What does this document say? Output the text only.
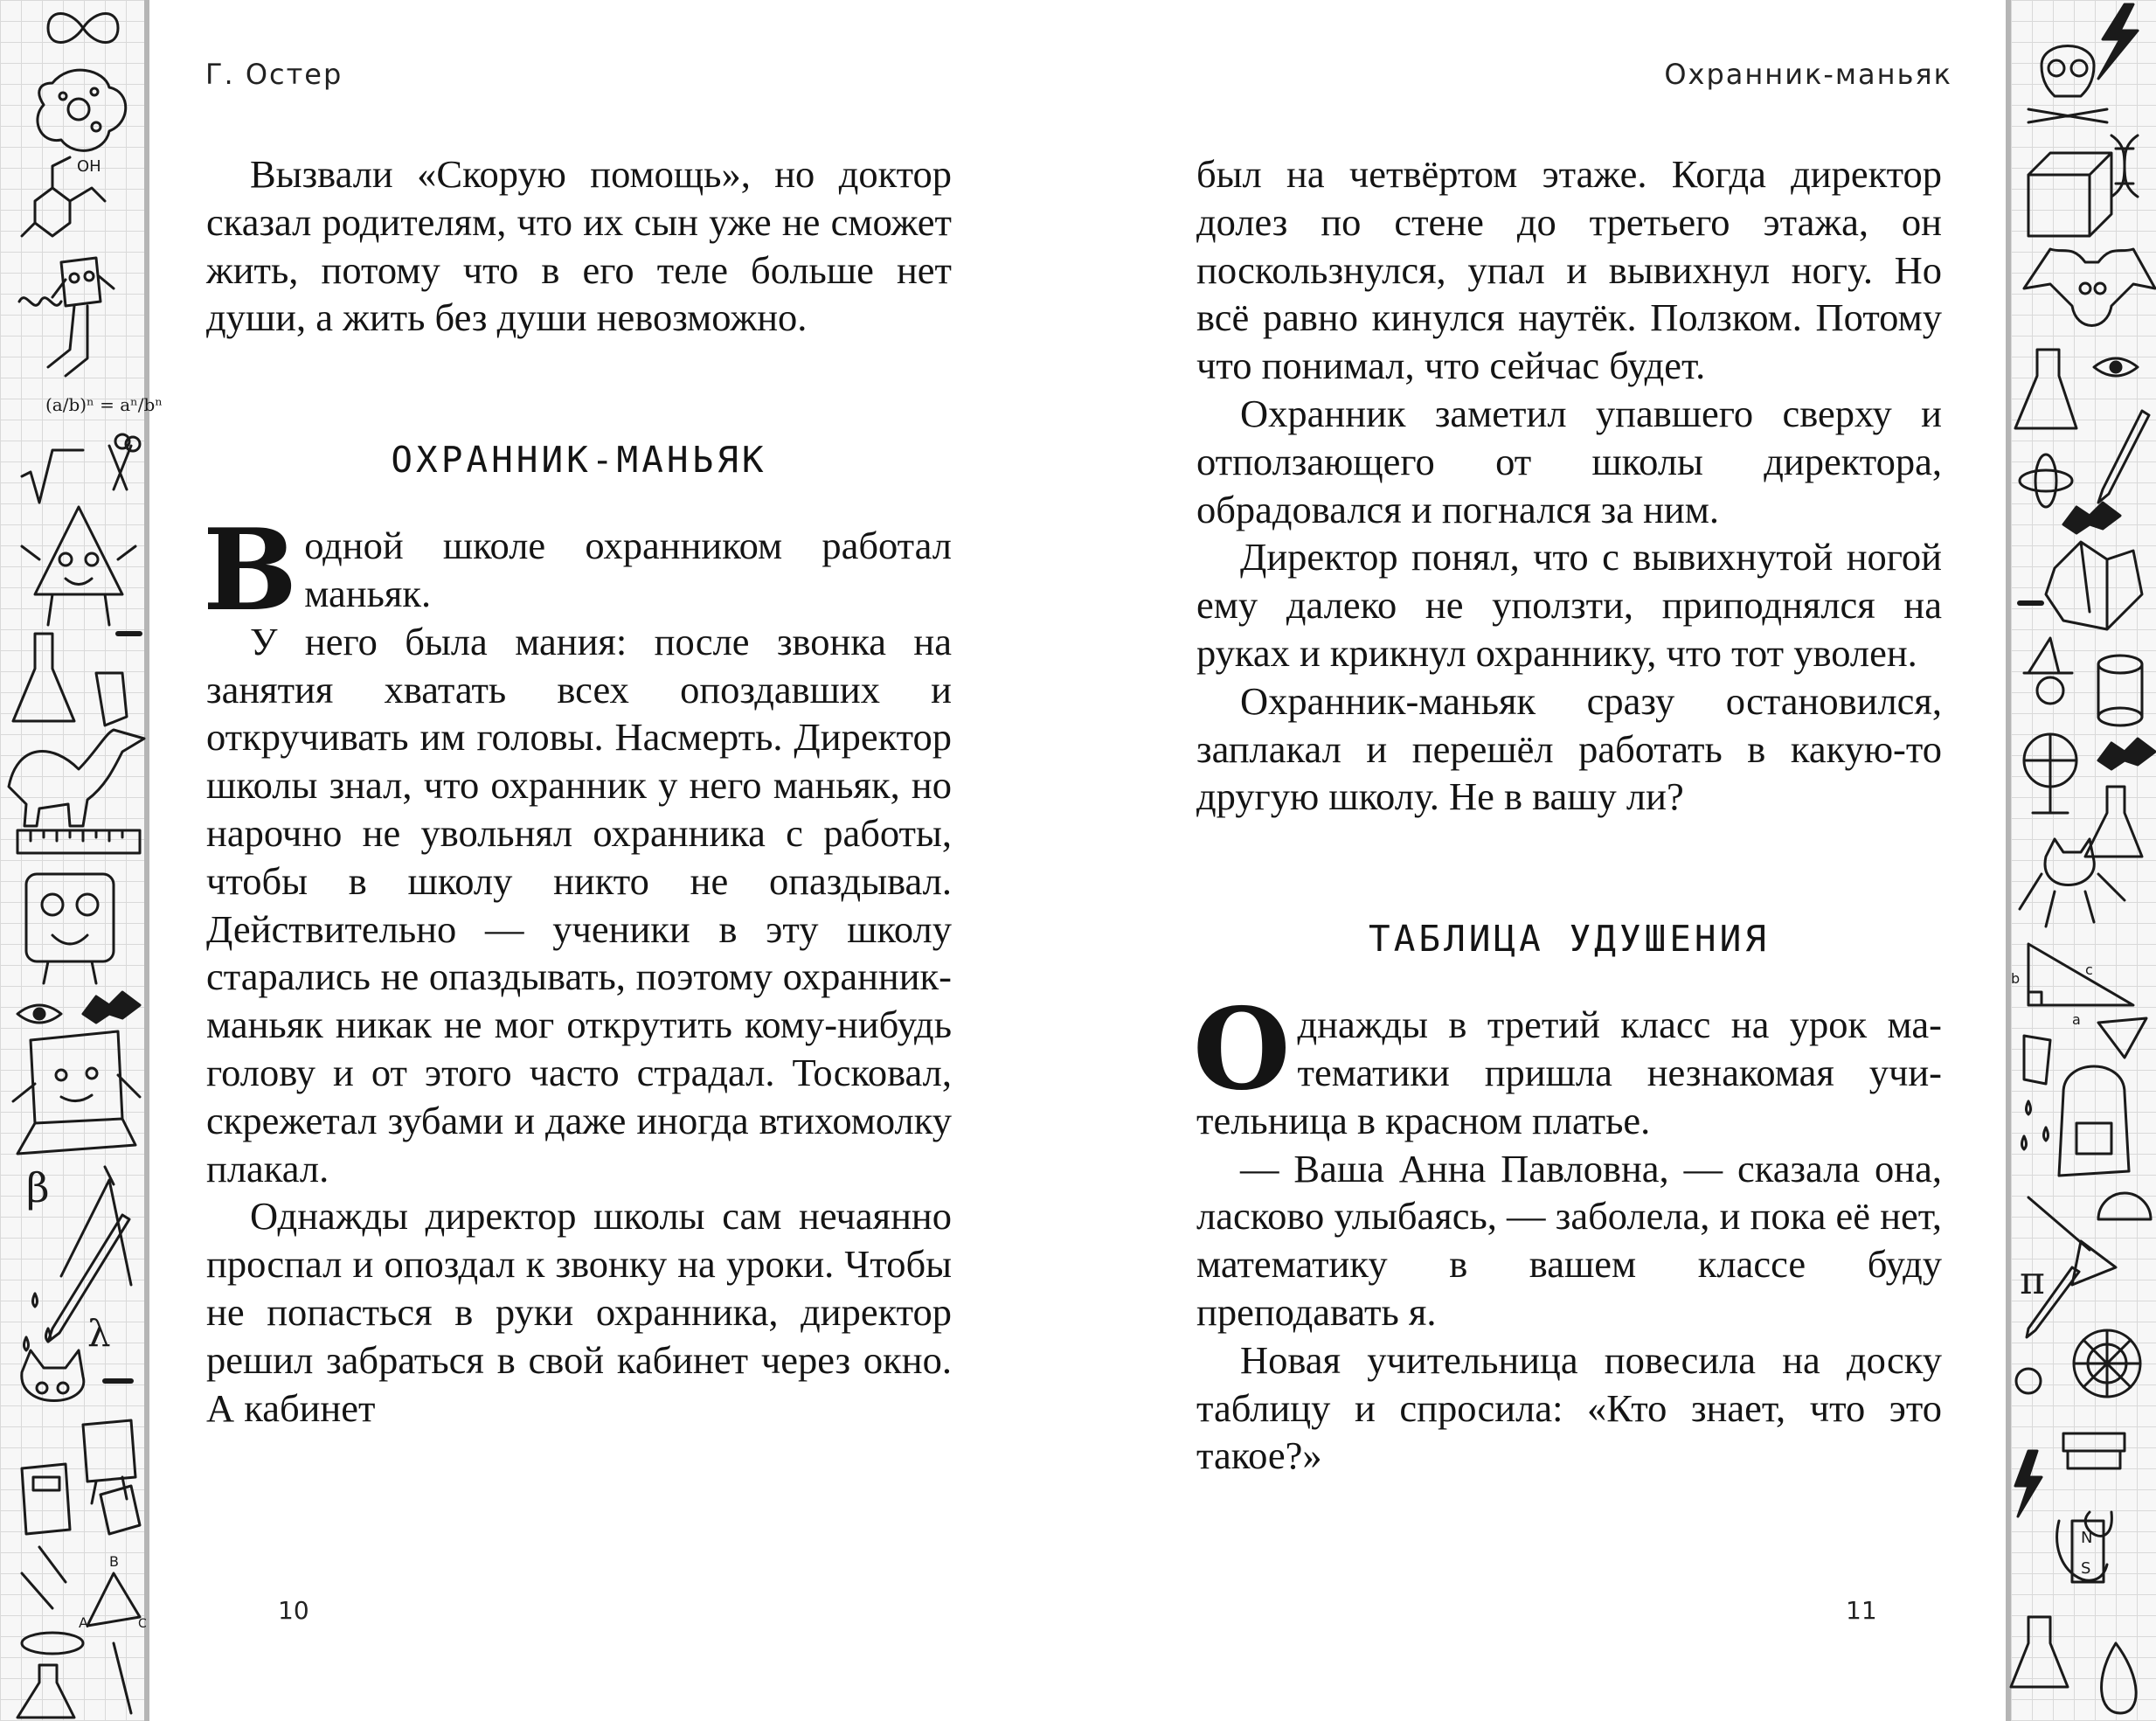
OH
(a/b)ⁿ = aⁿ/bⁿ
β
λ
B
A	C
b
c
a
π
N
S

Г. Остер

Вызвали «Скорую помощь», но доктор сказал родителям, что их сын уже не сможет жить, потому что в его теле больше нет души, а жить без души невозможно.

ОХРАННИК-МАНЬЯК

Водной школе охранником работал маньяк.

У него была мания: после звонка на занятия хватать всех опоздавших и откручивать им головы. Насмерть. Директор школы знал, что охранник у него маньяк, но нарочно не увольнял охранника с работы, чтобы в школу никто не опаздывал. Действительно — ученики в эту школу старались не опаздывать, поэтому охранник-маньяк никак не мог открутить кому-нибудь голову и от этого часто страдал. Тосковал, скрежетал зубами и даже иногда втихомолку плакал.

Однажды директор школы сам нечаянно проспал и опоздал к звонку на уроки. Чтобы не попасться в руки охранника, директор решил забраться в свой кабинет через окно. А кабинет

10

Охранник-маньяк

был на четвёртом этаже. Когда директор долез по стене до третьего этажа, он поскользнулся, упал и вывихнул ногу. Но всё равно кинулся наутёк. Ползком. Потому что понимал, что сейчас будет.

Охранник заметил упавшего сверху и отползающего от школы директора, обрадовался и погнался за ним.

Директор понял, что с вывихнутой ногой ему далеко не уползти, приподнялся на руках и крикнул охраннику, что тот уволен.

Охранник-маньяк сразу остановился, заплакал и перешёл работать в какую-то другую школу. Не в вашу ли?

ТАБЛИЦА УДУШЕНИЯ

Однажды в третий класс на урок математики пришла незнакомая учительница в красном платье.

— Ваша Анна Павловна, — сказала она, ласково улыбаясь, — заболела, и пока её нет, математику в вашем классе буду преподавать я.

Новая учительница повесила на доску таблицу и спросила: «Кто знает, что это такое?»

11
